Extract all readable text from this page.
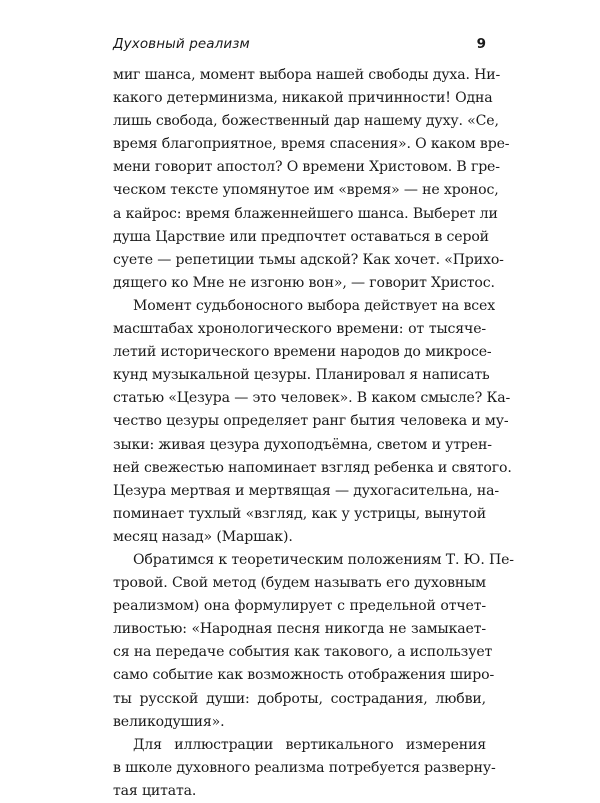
Духовный реализм	9
миг шанса, момент выбора нашей свободы духа. Ни-
какого детерминизма, никакой причинности! Одна
лишь свобода, божественный дар нашему духу. «Се,
время благоприятное, время спасения». О каком вре-
мени говорит апостол? О времени Христовом. В гре-
ческом тексте упомянутое им «время» — не хронос,
а кайрос: время блаженнейшего шанса. Выберет ли
душа Царствие или предпочтет оставаться в серой
суете — репетиции тьмы адской? Как хочет. «Прихо-
дящего ко Мне не изгоню вон», — говорит Христос.
Момент судьбоносного выбора действует на всех
масштабах хронологического времени: от тысяче-
летий исторического времени народов до микросе-
кунд музыкальной цезуры. Планировал я написать
статью «Цезура — это человек». В каком смысле? Ка-
чество цезуры определяет ранг бытия человека и му-
зыки: живая цезура духоподъёмна, светом и утрен-
ней свежестью напоминает взгляд ребенка и святого.
Цезура мертвая и мертвящая — духогасительна, на-
поминает тухлый «взгляд, как у устрицы, вынутой
месяц назад» (Маршак).
Обратимся к теоретическим положениям Т. Ю. Пе-
тровой. Свой метод (будем называть его духовным
реализмом) она формулирует с предельной отчет-
ливостью: «Народная песня никогда не замыкает-
ся на передаче события как такового, а использует
само событие как возможность отображения широ-
ты русской души: доброты, сострадания, любви,
великодушия».
Для иллюстрации вертикального измерения
в школе духовного реализма потребуется разверну-
тая цитата.
